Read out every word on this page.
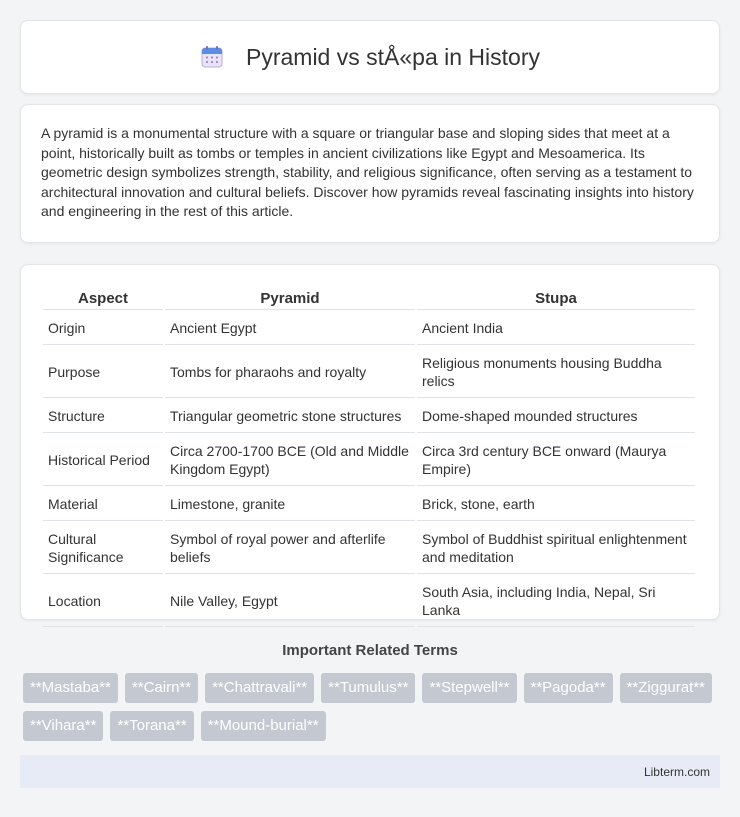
Pyramid vs stÅ«pa in History

A pyramid is a monumental structure with a square or triangular base and sloping sides that meet at a point, historically built as tombs or temples in ancient civilizations like Egypt and Mesoamerica. Its geometric design symbolizes strength, stability, and religious significance, often serving as a testament to architectural innovation and cultural beliefs. Discover how pyramids reveal fascinating insights into history and engineering in the rest of this article.

Aspect	Pyramid	Stupa
Origin	Ancient Egypt	Ancient India
Purpose	Tombs for pharaohs and royalty	Religious monuments housing Buddha relics
Structure	Triangular geometric stone structures	Dome-shaped mounded structures
Historical Period	Circa 2700-1700 BCE (Old and Middle Kingdom Egypt)	Circa 3rd century BCE onward (Maurya Empire)
Material	Limestone, granite	Brick, stone, earth
Cultural Significance	Symbol of royal power and afterlife beliefs	Symbol of Buddhist spiritual enlightenment and meditation
Location	Nile Valley, Egypt	South Asia, including India, Nepal, Sri Lanka
Important Related Terms
**Mastaba**	**Cairn**	**Chattravali**	**Tumulus**	**Stepwell**	**Pagoda**	**Ziggurat**
**Vihara**	**Torana**	**Mound-burial**
Libterm.com
